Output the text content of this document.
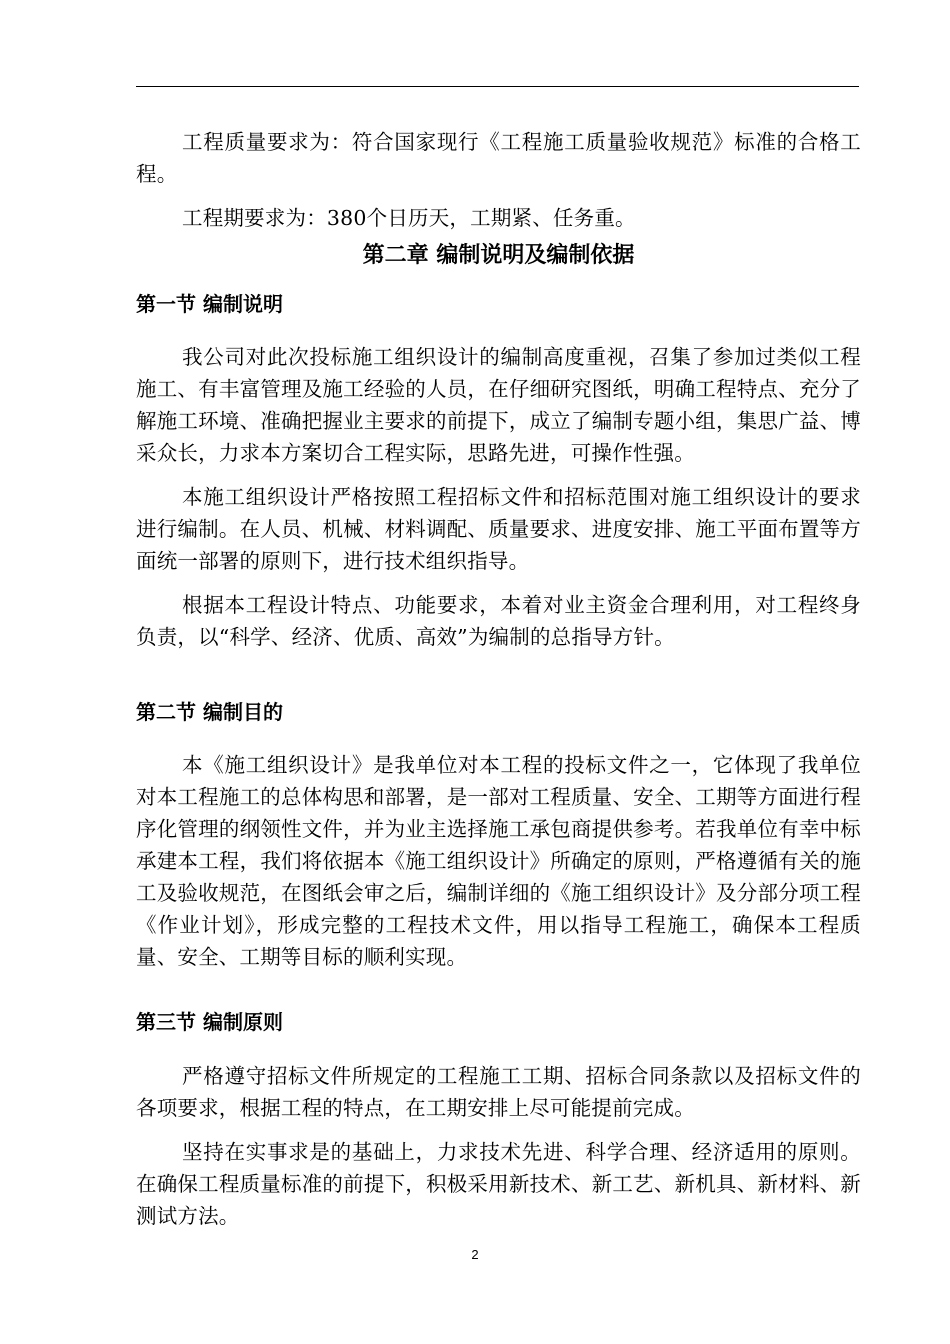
工程质量要求为：符合国家现行《工程施工质量验收规范》标准的合格工程。

工程期要求为：380个日历天，工期紧、任务重。

第二章 编制说明及编制依据
第一节 编制说明

我公司对此次投标施工组织设计的编制高度重视，召集了参加过类似工程施工、有丰富管理及施工经验的人员，在仔细研究图纸，明确工程特点、充分了解施工环境、准确把握业主要求的前提下，成立了编制专题小组，集思广益、博采众长，力求本方案切合工程实际，思路先进，可操作性强。

本施工组织设计严格按照工程招标文件和招标范围对施工组织设计的要求进行编制。在人员、机械、材料调配、质量要求、进度安排、施工平面布置等方面统一部署的原则下，进行技术组织指导。

根据本工程设计特点、功能要求，本着对业主资金合理利用，对工程终身负责，以“科学、经济、优质、高效”为编制的总指导方针。

第二节 编制目的

本《施工组织设计》是我单位对本工程的投标文件之一，它体现了我单位对本工程施工的总体构思和部署，是一部对工程质量、安全、工期等方面进行程序化管理的纲领性文件，并为业主选择施工承包商提供参考。若我单位有幸中标承建本工程，我们将依据本《施工组织设计》所确定的原则，严格遵循有关的施工及验收规范，在图纸会审之后，编制详细的《施工组织设计》及分部分项工程《作业计划》，形成完整的工程技术文件，用以指导工程施工，确保本工程质量、安全、工期等目标的顺利实现。

第三节 编制原则

严格遵守招标文件所规定的工程施工工期、招标合同条款以及招标文件的各项要求，根据工程的特点，在工期安排上尽可能提前完成。

坚持在实事求是的基础上，力求技术先进、科学合理、经济适用的原则。在确保工程质量标准的前提下，积极采用新技术、新工艺、新机具、新材料、新测试方法。

2
